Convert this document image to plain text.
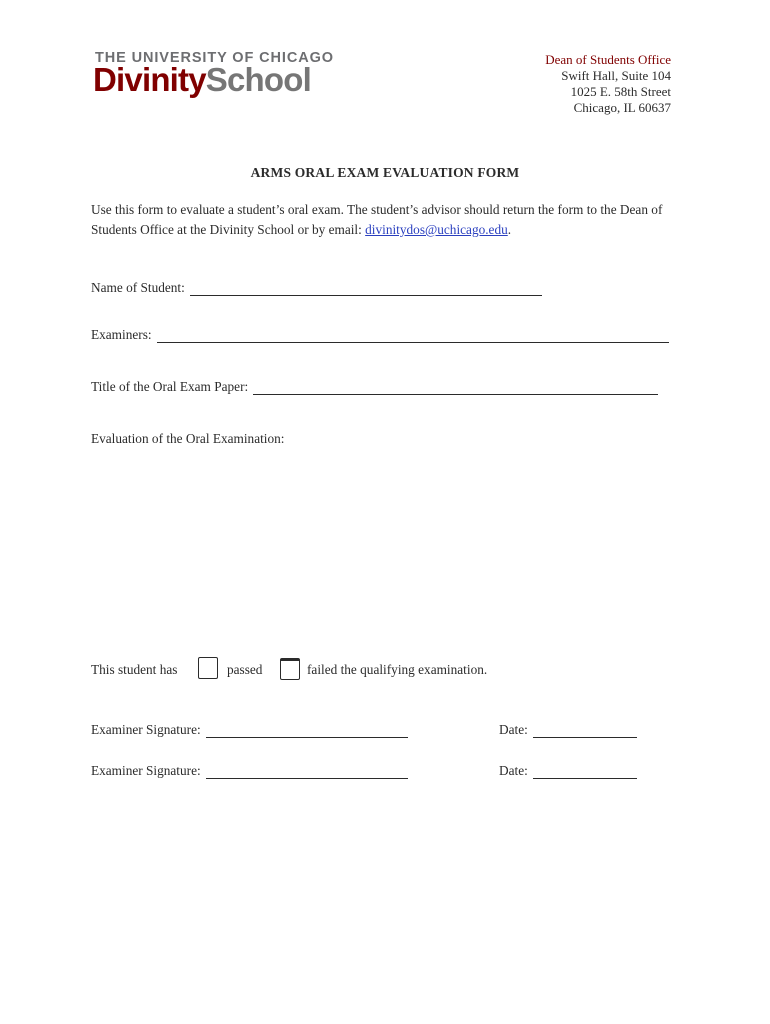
THE UNIVERSITY OF CHICAGO
DivinitySchool
Dean of Students Office
Swift Hall, Suite 104
1025 E. 58th Street
Chicago, IL 60637
ARMS ORAL EXAM EVALUATION FORM
Use this form to evaluate a student’s oral exam. The student’s advisor should return the form to the Dean of Students Office at the Divinity School or by email: divinitydos@uchicago.edu.
Name of Student:
Examiners:
Title of the Oral Exam Paper:
Evaluation of the Oral Examination:
This student has	passed	failed the qualifying examination.
Examiner Signature:	Date:
Examiner Signature:	Date:
